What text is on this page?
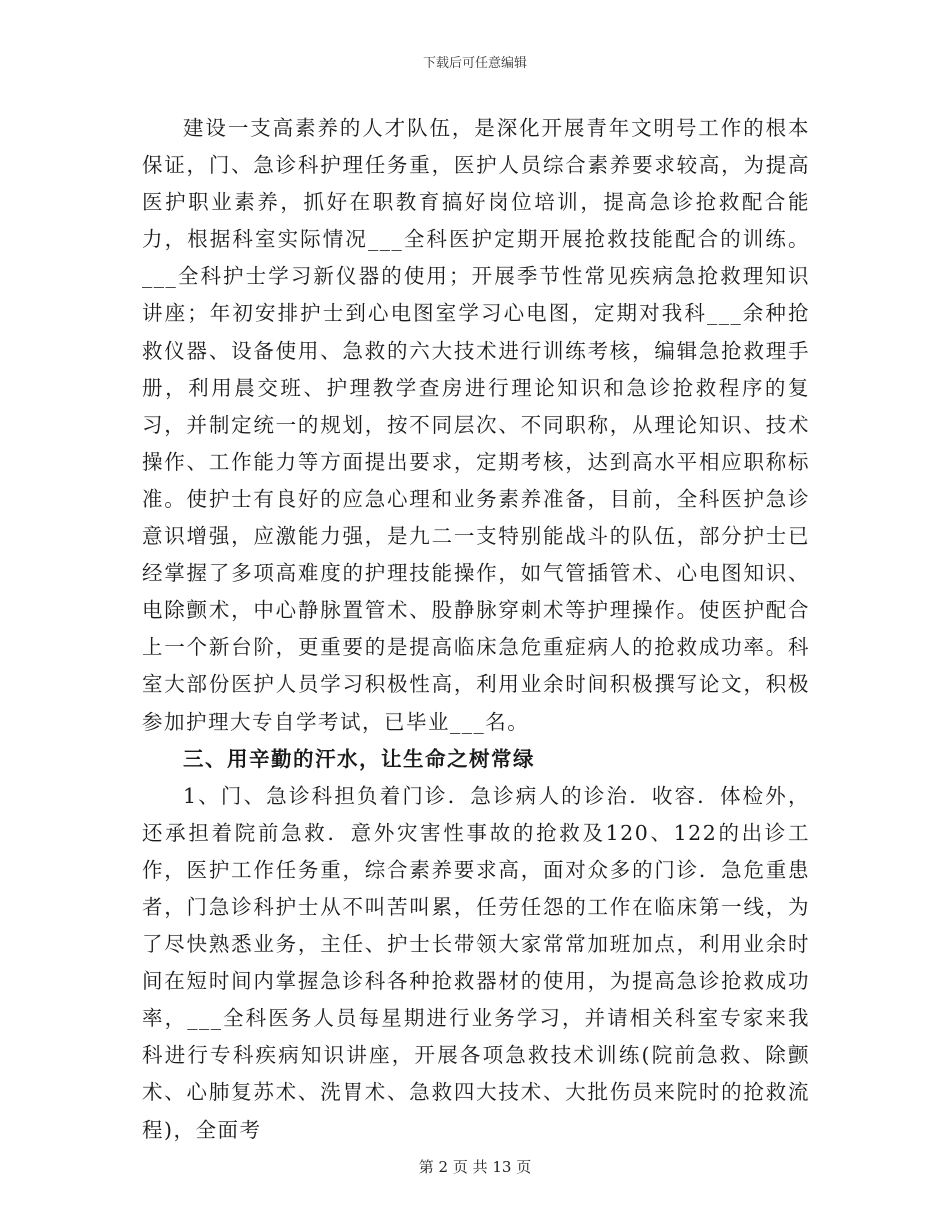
下载后可任意编辑

建设一支高素养的人才队伍，是深化开展青年文明号工作的根本保证，门、急诊科护理任务重，医护人员综合素养要求较高，为提高医护职业素养，抓好在职教育搞好岗位培训，提高急诊抢救配合能力，根据科室实际情况___全科医护定期开展抢救技能配合的训练。___全科护士学习新仪器的使用；开展季节性常见疾病急抢救理知识讲座；年初安排护士到心电图室学习心电图，定期对我科___余种抢救仪器、设备使用、急救的六大技术进行训练考核，编辑急抢救理手册，利用晨交班、护理教学查房进行理论知识和急诊抢救程序的复习，并制定统一的规划，按不同层次、不同职称，从理论知识、技术操作、工作能力等方面提出要求，定期考核，达到高水平相应职称标准。使护士有良好的应急心理和业务素养准备，目前，全科医护急诊意识增强，应激能力强，是九二一支特别能战斗的队伍，部分护士已经掌握了多项高难度的护理技能操作，如气管插管术、心电图知识、电除颤术，中心静脉置管术、股静脉穿刺术等护理操作。使医护配合上一个新台阶，更重要的是提高临床急危重症病人的抢救成功率。科室大部份医护人员学习积极性高，利用业余时间积极撰写论文，积极参加护理大专自学考试，已毕业___名。

三、用辛勤的汗水，让生命之树常绿

1、门、急诊科担负着门诊．急诊病人的诊治．收容．体检外，还承担着院前急救．意外灾害性事故的抢救及120、122的出诊工作，医护工作任务重，综合素养要求高，面对众多的门诊．急危重患者，门急诊科护士从不叫苦叫累，任劳任怨的工作在临床第一线，为了尽快熟悉业务，主任、护士长带领大家常常加班加点，利用业余时间在短时间内掌握急诊科各种抢救器材的使用，为提高急诊抢救成功率，___全科医务人员每星期进行业务学习，并请相关科室专家来我科进行专科疾病知识讲座，开展各项急救技术训练(院前急救、除颤术、心肺复苏术、洗胃术、急救四大技术、大批伤员来院时的抢救流程)，全面考

第 2 页 共 13 页
